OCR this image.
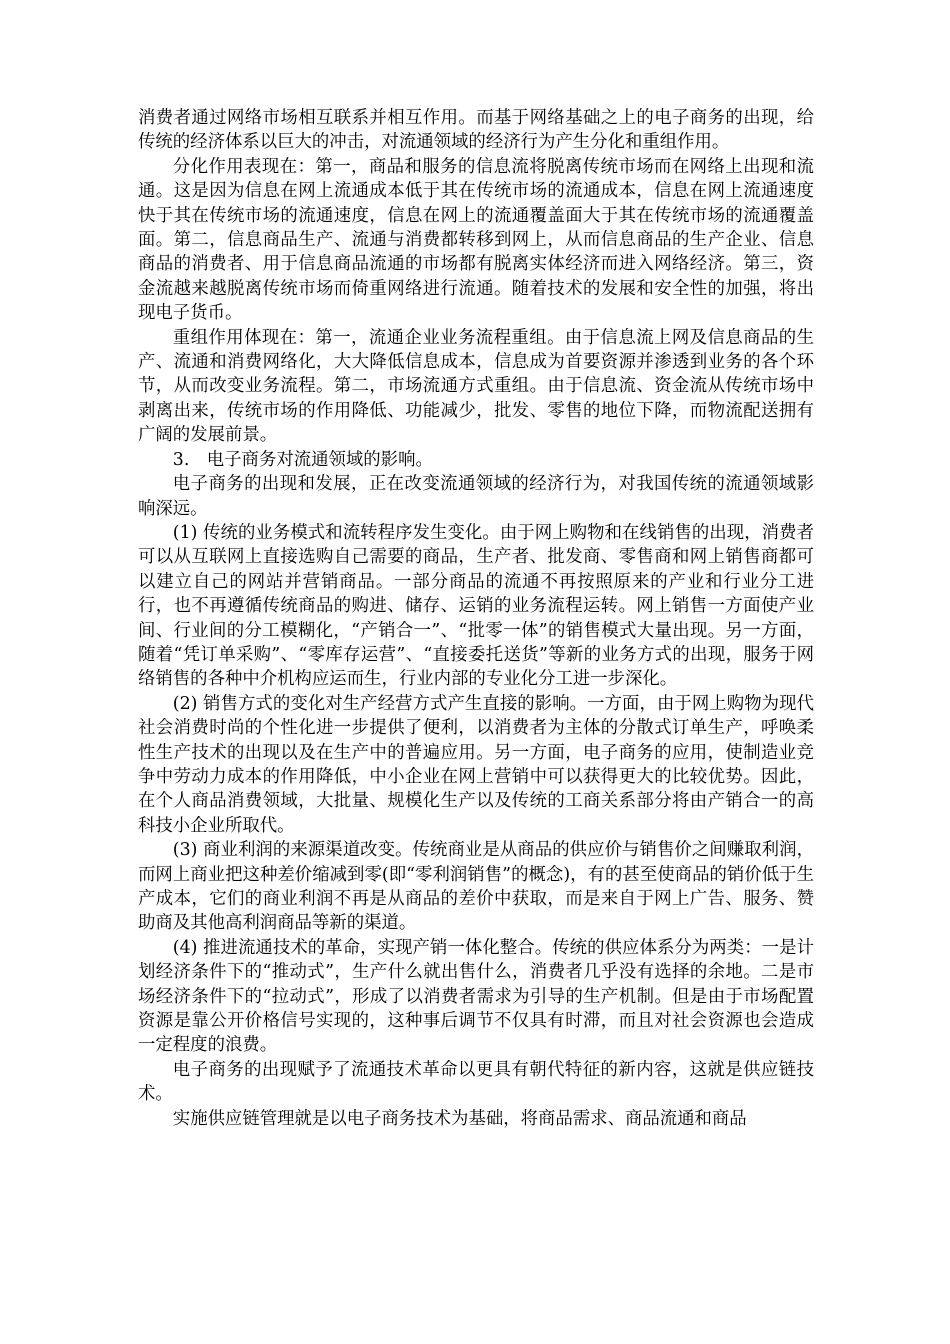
消费者通过网络市场相互联系并相互作用。而基于网络基础之上的电子商务的出现，给传统的经济体系以巨大的冲击，对流通领域的经济行为产生分化和重组作用。

分化作用表现在：第一，商品和服务的信息流将脱离传统市场而在网络上出现和流通。这是因为信息在网上流通成本低于其在传统市场的流通成本，信息在网上流通速度快于其在传统市场的流通速度，信息在网上的流通覆盖面大于其在传统市场的流通覆盖面。第二，信息商品生产、流通与消费都转移到网上，从而信息商品的生产企业、信息商品的消费者、用于信息商品流通的市场都有脱离实体经济而进入网络经济。第三，资金流越来越脱离传统市场而倚重网络进行流通。随着技术的发展和安全性的加强，将出现电子货币。

重组作用体现在：第一，流通企业业务流程重组。由于信息流上网及信息商品的生产、流通和消费网络化，大大降低信息成本，信息成为首要资源并渗透到业务的各个环节，从而改变业务流程。第二，市场流通方式重组。由于信息流、资金流从传统市场中剥离出来，传统市场的作用降低、功能减少，批发、零售的地位下降，而物流配送拥有广阔的发展前景。

3.　电子商务对流通领域的影响。

电子商务的出现和发展，正在改变流通领域的经济行为，对我国传统的流通领域影响深远。

(1) 传统的业务模式和流转程序发生变化。由于网上购物和在线销售的出现，消费者可以从互联网上直接选购自己需要的商品，生产者、批发商、零售商和网上销售商都可以建立自己的网站并营销商品。一部分商品的流通不再按照原来的产业和行业分工进行，也不再遵循传统商品的购进、储存、运销的业务流程运转。网上销售一方面使产业间、行业间的分工模糊化，“产销合一”、“批零一体”的销售模式大量出现。另一方面，随着“凭订单采购”、“零库存运营”、“直接委托送货”等新的业务方式的出现，服务于网络销售的各种中介机构应运而生，行业内部的专业化分工进一步深化。

(2) 销售方式的变化对生产经营方式产生直接的影响。一方面，由于网上购物为现代社会消费时尚的个性化进一步提供了便利，以消费者为主体的分散式订单生产，呼唤柔性生产技术的出现以及在生产中的普遍应用。另一方面，电子商务的应用，使制造业竞争中劳动力成本的作用降低，中小企业在网上营销中可以获得更大的比较优势。因此，在个人商品消费领域，大批量、规模化生产以及传统的工商关系部分将由产销合一的高科技小企业所取代。

(3) 商业利润的来源渠道改变。传统商业是从商品的供应价与销售价之间赚取利润，而网上商业把这种差价缩减到零(即“零利润销售”的概念)，有的甚至使商品的销价低于生产成本，它们的商业利润不再是从商品的差价中获取，而是来自于网上广告、服务、赞助商及其他高利润商品等新的渠道。

(4) 推进流通技术的革命，实现产销一体化整合。传统的供应体系分为两类：一是计划经济条件下的“推动式”，生产什么就出售什么，消费者几乎没有选择的余地。二是市场经济条件下的“拉动式”，形成了以消费者需求为引导的生产机制。但是由于市场配置资源是靠公开价格信号实现的，这种事后调节不仅具有时滞，而且对社会资源也会造成一定程度的浪费。

电子商务的出现赋予了流通技术革命以更具有朝代特征的新内容，这就是供应链技术。

实施供应链管理就是以电子商务技术为基础，将商品需求、商品流通和商品
